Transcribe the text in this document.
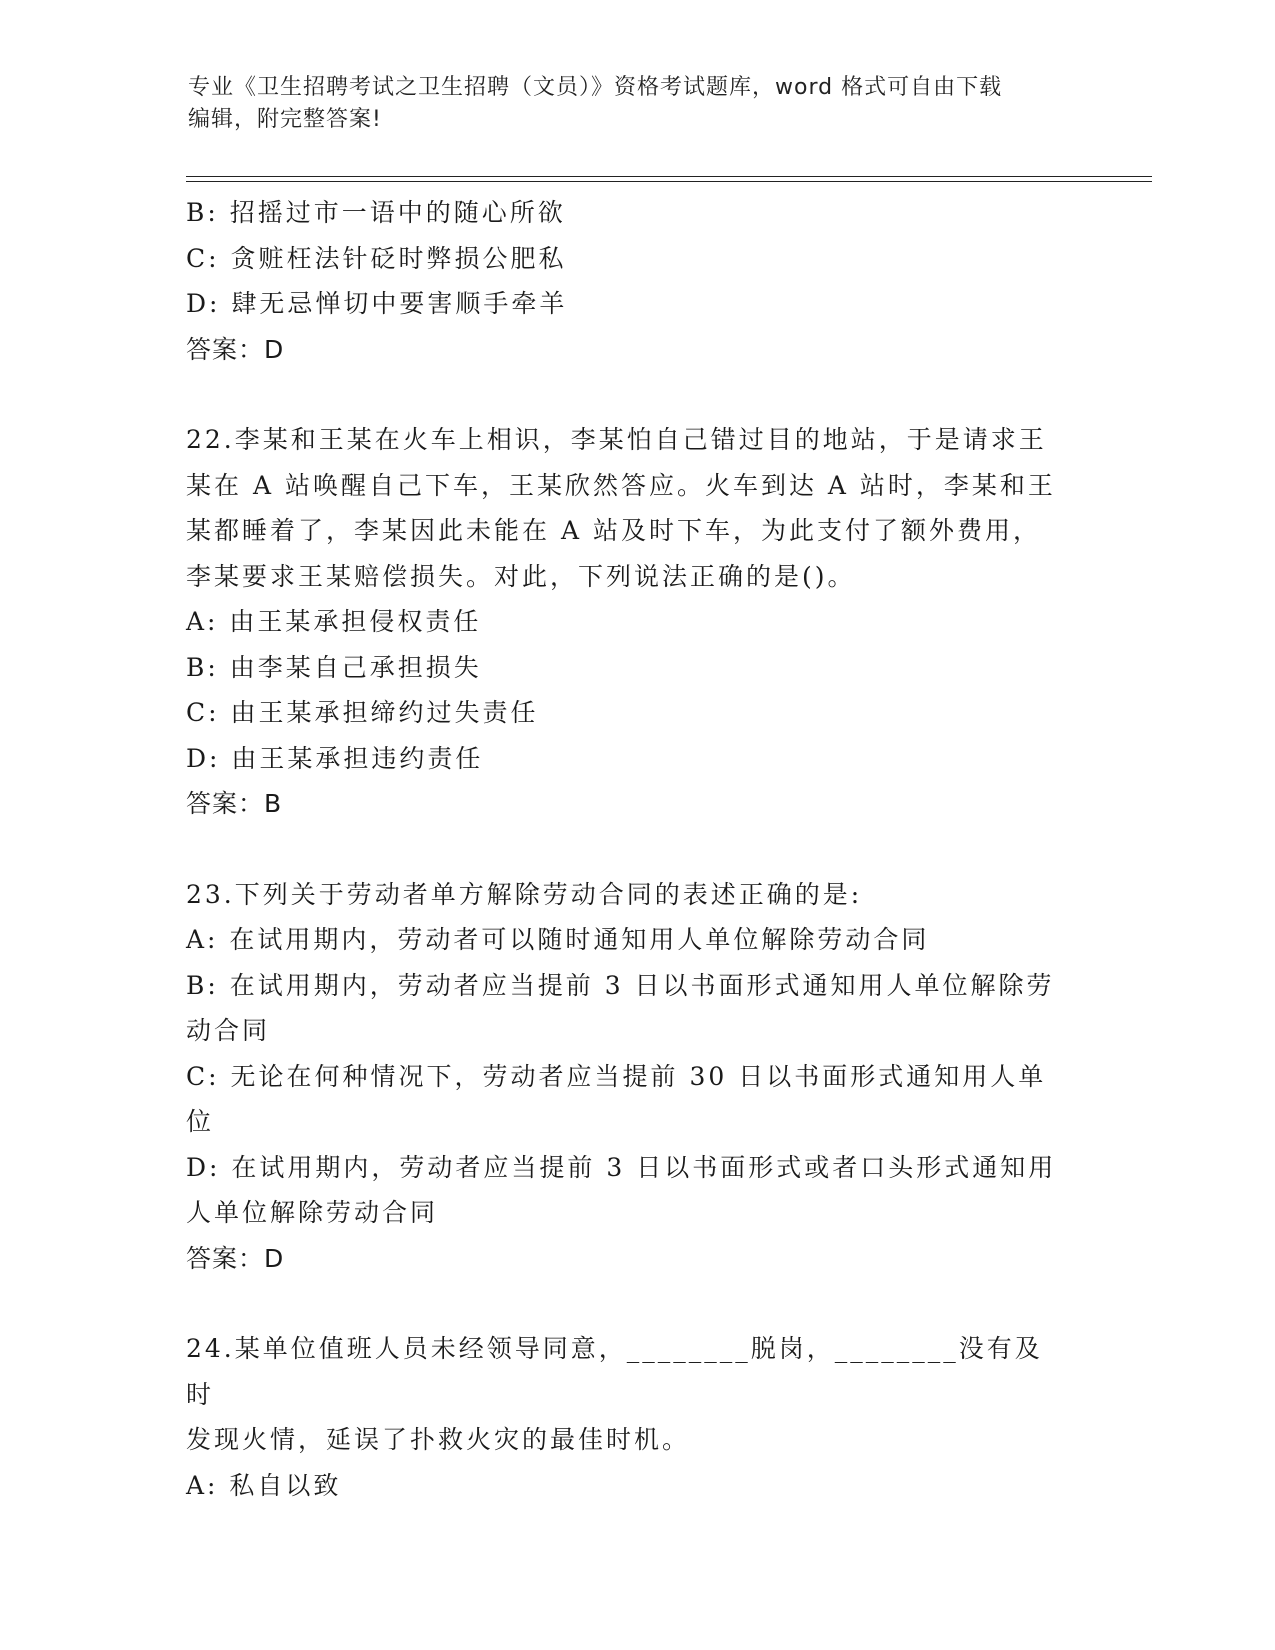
专业《卫生招聘考试之卫生招聘（文员）》资格考试题库，word 格式可自由下载
编辑，附完整答案!
B: 招摇过市一语中的随心所欲
C: 贪赃枉法针砭时弊损公肥私
D: 肆无忌惮切中要害顺手牵羊
答案：D
22.李某和王某在火车上相识，李某怕自己错过目的地站，于是请求王
某在 A 站唤醒自己下车，王某欣然答应。火车到达 A 站时，李某和王
某都睡着了，李某因此未能在 A 站及时下车，为此支付了额外费用，
李某要求王某赔偿损失。对此，下列说法正确的是()。
A: 由王某承担侵权责任
B: 由李某自己承担损失
C: 由王某承担缔约过失责任
D: 由王某承担违约责任
答案：B
23.下列关于劳动者单方解除劳动合同的表述正确的是:
A: 在试用期内，劳动者可以随时通知用人单位解除劳动合同
B: 在试用期内，劳动者应当提前 3 日以书面形式通知用人单位解除劳
动合同
C: 无论在何种情况下，劳动者应当提前 30 日以书面形式通知用人单
位
D: 在试用期内，劳动者应当提前 3 日以书面形式或者口头形式通知用
人单位解除劳动合同
答案：D
24.某单位值班人员未经领导同意，________脱岗，________没有及时
发现火情，延误了扑救火灾的最佳时机。
A: 私自以致
